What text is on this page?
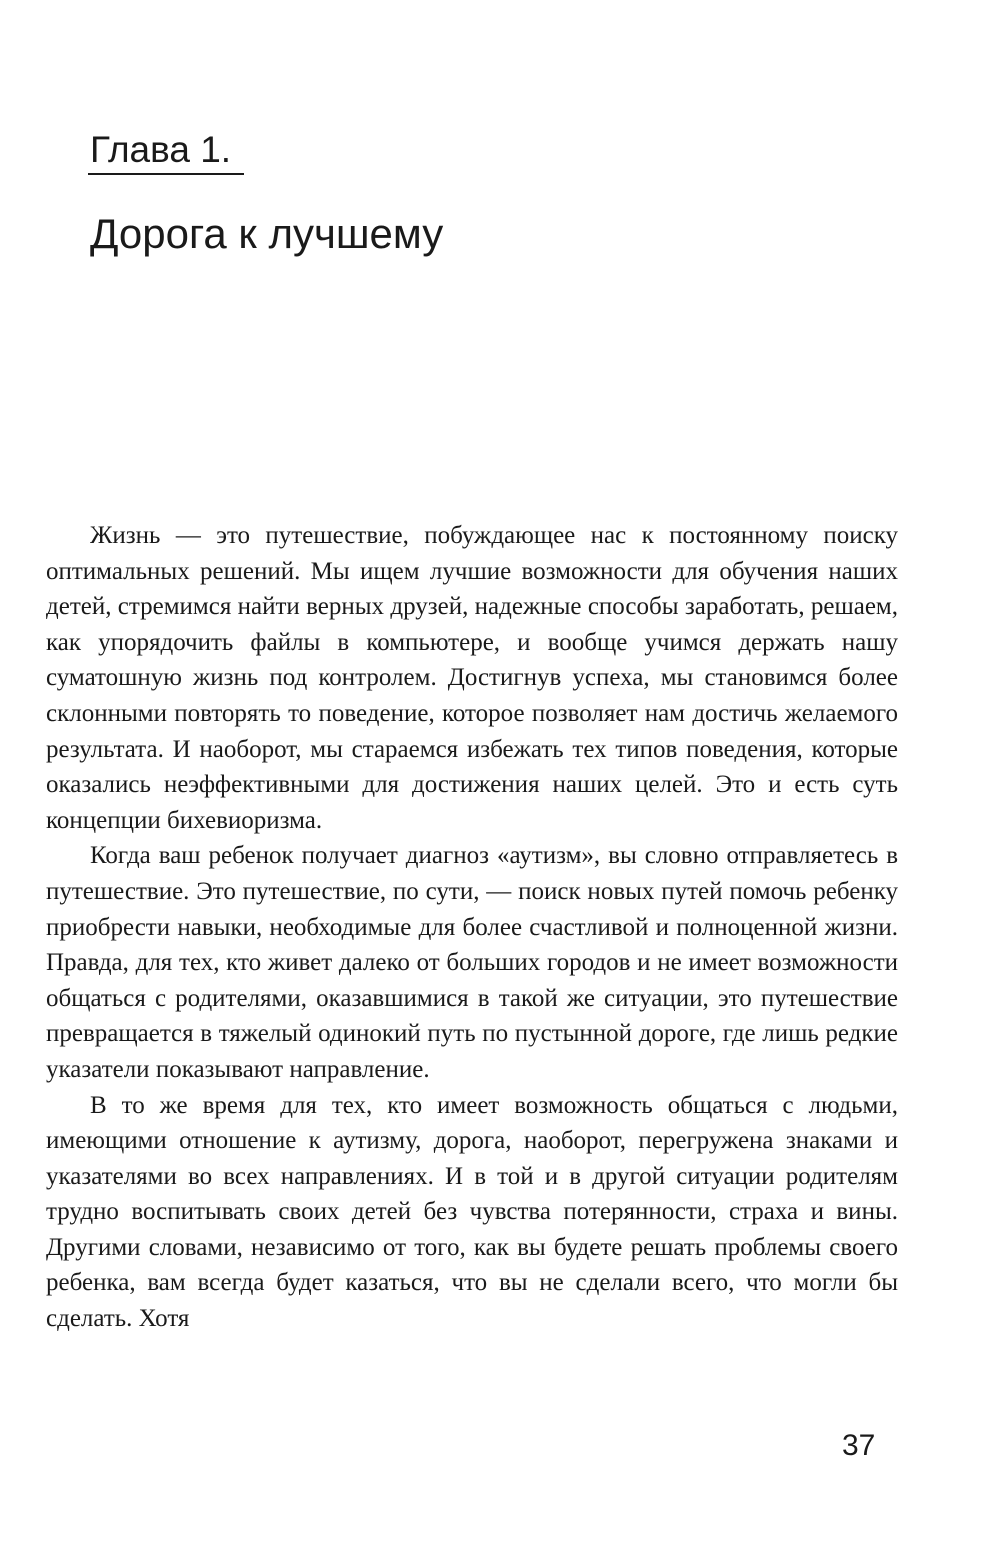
Глава 1.
Дорога к лучшему

Жизнь — это путешествие, побуждающее нас к постоянному поиску оптимальных решений. Мы ищем лучшие возможности для обучения наших детей, стремимся найти верных друзей, надежные способы заработать, решаем, как упорядочить файлы в компьютере, и вообще учимся держать нашу суматошную жизнь под контролем. Достигнув успеха, мы становимся более склонными повторять то поведение, которое позволяет нам достичь желаемого результата. И наоборот, мы стараемся избежать тех типов поведения, которые оказались неэффективными для достижения наших целей. Это и есть суть концепции бихевиоризма.

Когда ваш ребенок получает диагноз «аутизм», вы словно отправляетесь в путешествие. Это путешествие, по сути, — поиск новых путей помочь ребенку приобрести навыки, необходимые для более счастливой и полноценной жизни. Правда, для тех, кто живет далеко от больших городов и не имеет возможности общаться с родителями, оказавшимися в такой же ситуации, это путешествие превращается в тяжелый одинокий путь по пустынной дороге, где лишь редкие указатели показывают направление.

В то же время для тех, кто имеет возможность общаться с людьми, имеющими отношение к аутизму, дорога, наоборот, перегружена знаками и указателями во всех направлениях. И в той и в другой ситуации родителям трудно воспитывать своих детей без чувства потерянности, страха и вины. Другими словами, независимо от того, как вы будете решать проблемы своего ребенка, вам всегда будет казаться, что вы не сделали всего, что могли бы сделать. Хотя

37
